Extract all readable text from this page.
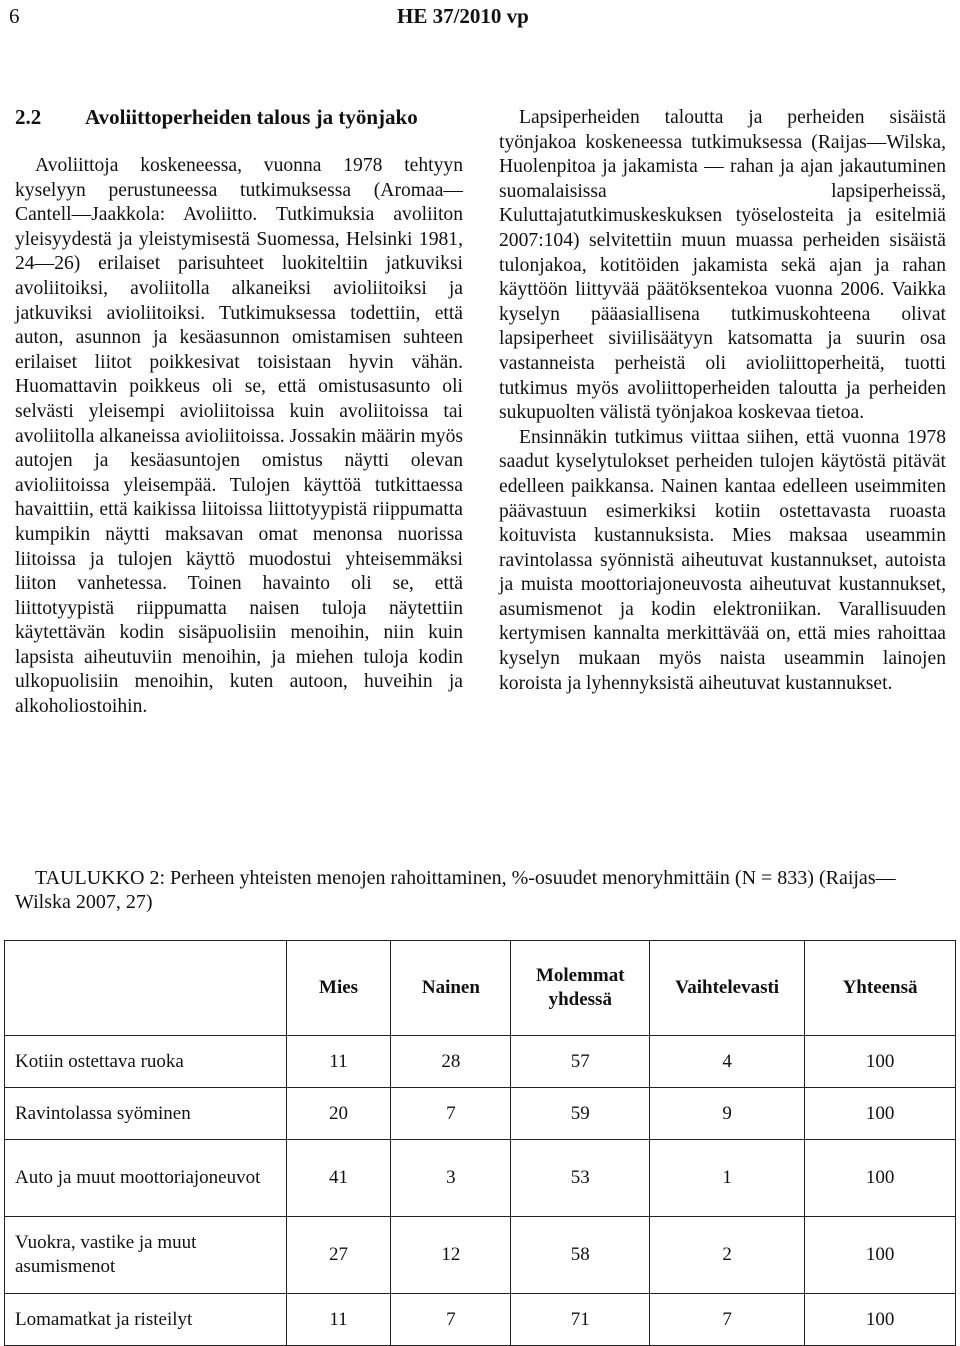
6	HE 37/2010 vp

2.2 Avoliittoperheiden talous ja työnjako

Avoliittoja koskeneessa, vuonna 1978 tehtyyn kyselyyn perustuneessa tutkimuksessa (Aromaa—Cantell—Jaakkola: Avoliitto. Tutkimuksia avoliiton yleisyydestä ja yleistymisestä Suomessa, Helsinki 1981, 24—26) erilaiset parisuhteet luokiteltiin jatkuviksi avoliitoiksi, avoliitolla alkaneiksi avioliitoiksi ja jatkuviksi avioliitoiksi. Tutkimuksessa todettiin, että auton, asunnon ja kesäasunnon omistamisen suhteen erilaiset liitot poikkesivat toisistaan hyvin vähän. Huomattavin poikkeus oli se, että omistusasunto oli selvästi yleisempi avioliitoissa kuin avoliitoissa tai avoliitolla alkaneissa avioliitoissa. Jossakin määrin myös autojen ja kesäasuntojen omistus näytti olevan avioliitoissa yleisempää. Tulojen käyttöä tutkittaessa havaittiin, että kaikissa liitoissa liittotyypistä riippumatta kumpikin näytti maksavan omat menonsa nuorissa liitoissa ja tulojen käyttö muodostui yhteisemmäksi liiton vanhetessa. Toinen havainto oli se, että liittotyypistä riippumatta naisen tuloja näytettiin käytettävän kodin sisäpuolisiin menoihin, niin kuin lapsista aiheutuviin menoihin, ja miehen tuloja kodin ulkopuolisiin menoihin, kuten autoon, huveihin ja alkoholiostoihin.

Lapsiperheiden taloutta ja perheiden sisäistä työnjakoa koskeneessa tutkimuksessa (Raijas—Wilska, Huolenpitoa ja jakamista — rahan ja ajan jakautuminen suomalaisissa lapsiperheissä, Kuluttajatutkimuskeskuksen työselosteita ja esitelmiä 2007:104) selvitettiin muun muassa perheiden sisäistä tulonjakoa, kotitöiden jakamista sekä ajan ja rahan käyttöön liittyvää päätöksentekoa vuonna 2006. Vaikka kyselyn pääasiallisena tutkimuskohteena olivat lapsiperheet siviilisäätyyn katsomatta ja suurin osa vastanneista perheistä oli avioliittoperheitä, tuotti tutkimus myös avoliittoperheiden taloutta ja perheiden sukupuolten välistä työnjakoa koskevaa tietoa.

Ensinnäkin tutkimus viittaa siihen, että vuonna 1978 saadut kyselytulokset perheiden tulojen käytöstä pitävät edelleen paikkansa. Nainen kantaa edelleen useimmiten päävastuun esimerkiksi kotiin ostettavasta ruoasta koituvista kustannuksista. Mies maksaa useammin ravintolassa syönnistä aiheutuvat kustannukset, autoista ja muista moottoriajoneuvosta aiheutuvat kustannukset, asumismenot ja kodin elektroniikan. Varallisuuden kertymisen kannalta merkittävää on, että mies rahoittaa kyselyn mukaan myös naista useammin lainojen koroista ja lyhennyksistä aiheutuvat kustannukset.

TAULUKKO 2: Perheen yhteisten menojen rahoittaminen, %-osuudet menoryhmittäin (N = 833) (Raijas—Wilska 2007, 27)
	Mies	Nainen	Molemmat yhdessä	Vaihtelevasti	Yhteensä
Kotiin ostettava ruoka	11	28	57	4	100
Ravintolassa syöminen	20	7	59	9	100
Auto ja muut moottoriajoneuvot	41	3	53	1	100
Vuokra, vastike ja muut asumismenot	27	12	58	2	100
Lomamatkat ja risteilyt	11	7	71	7	100
